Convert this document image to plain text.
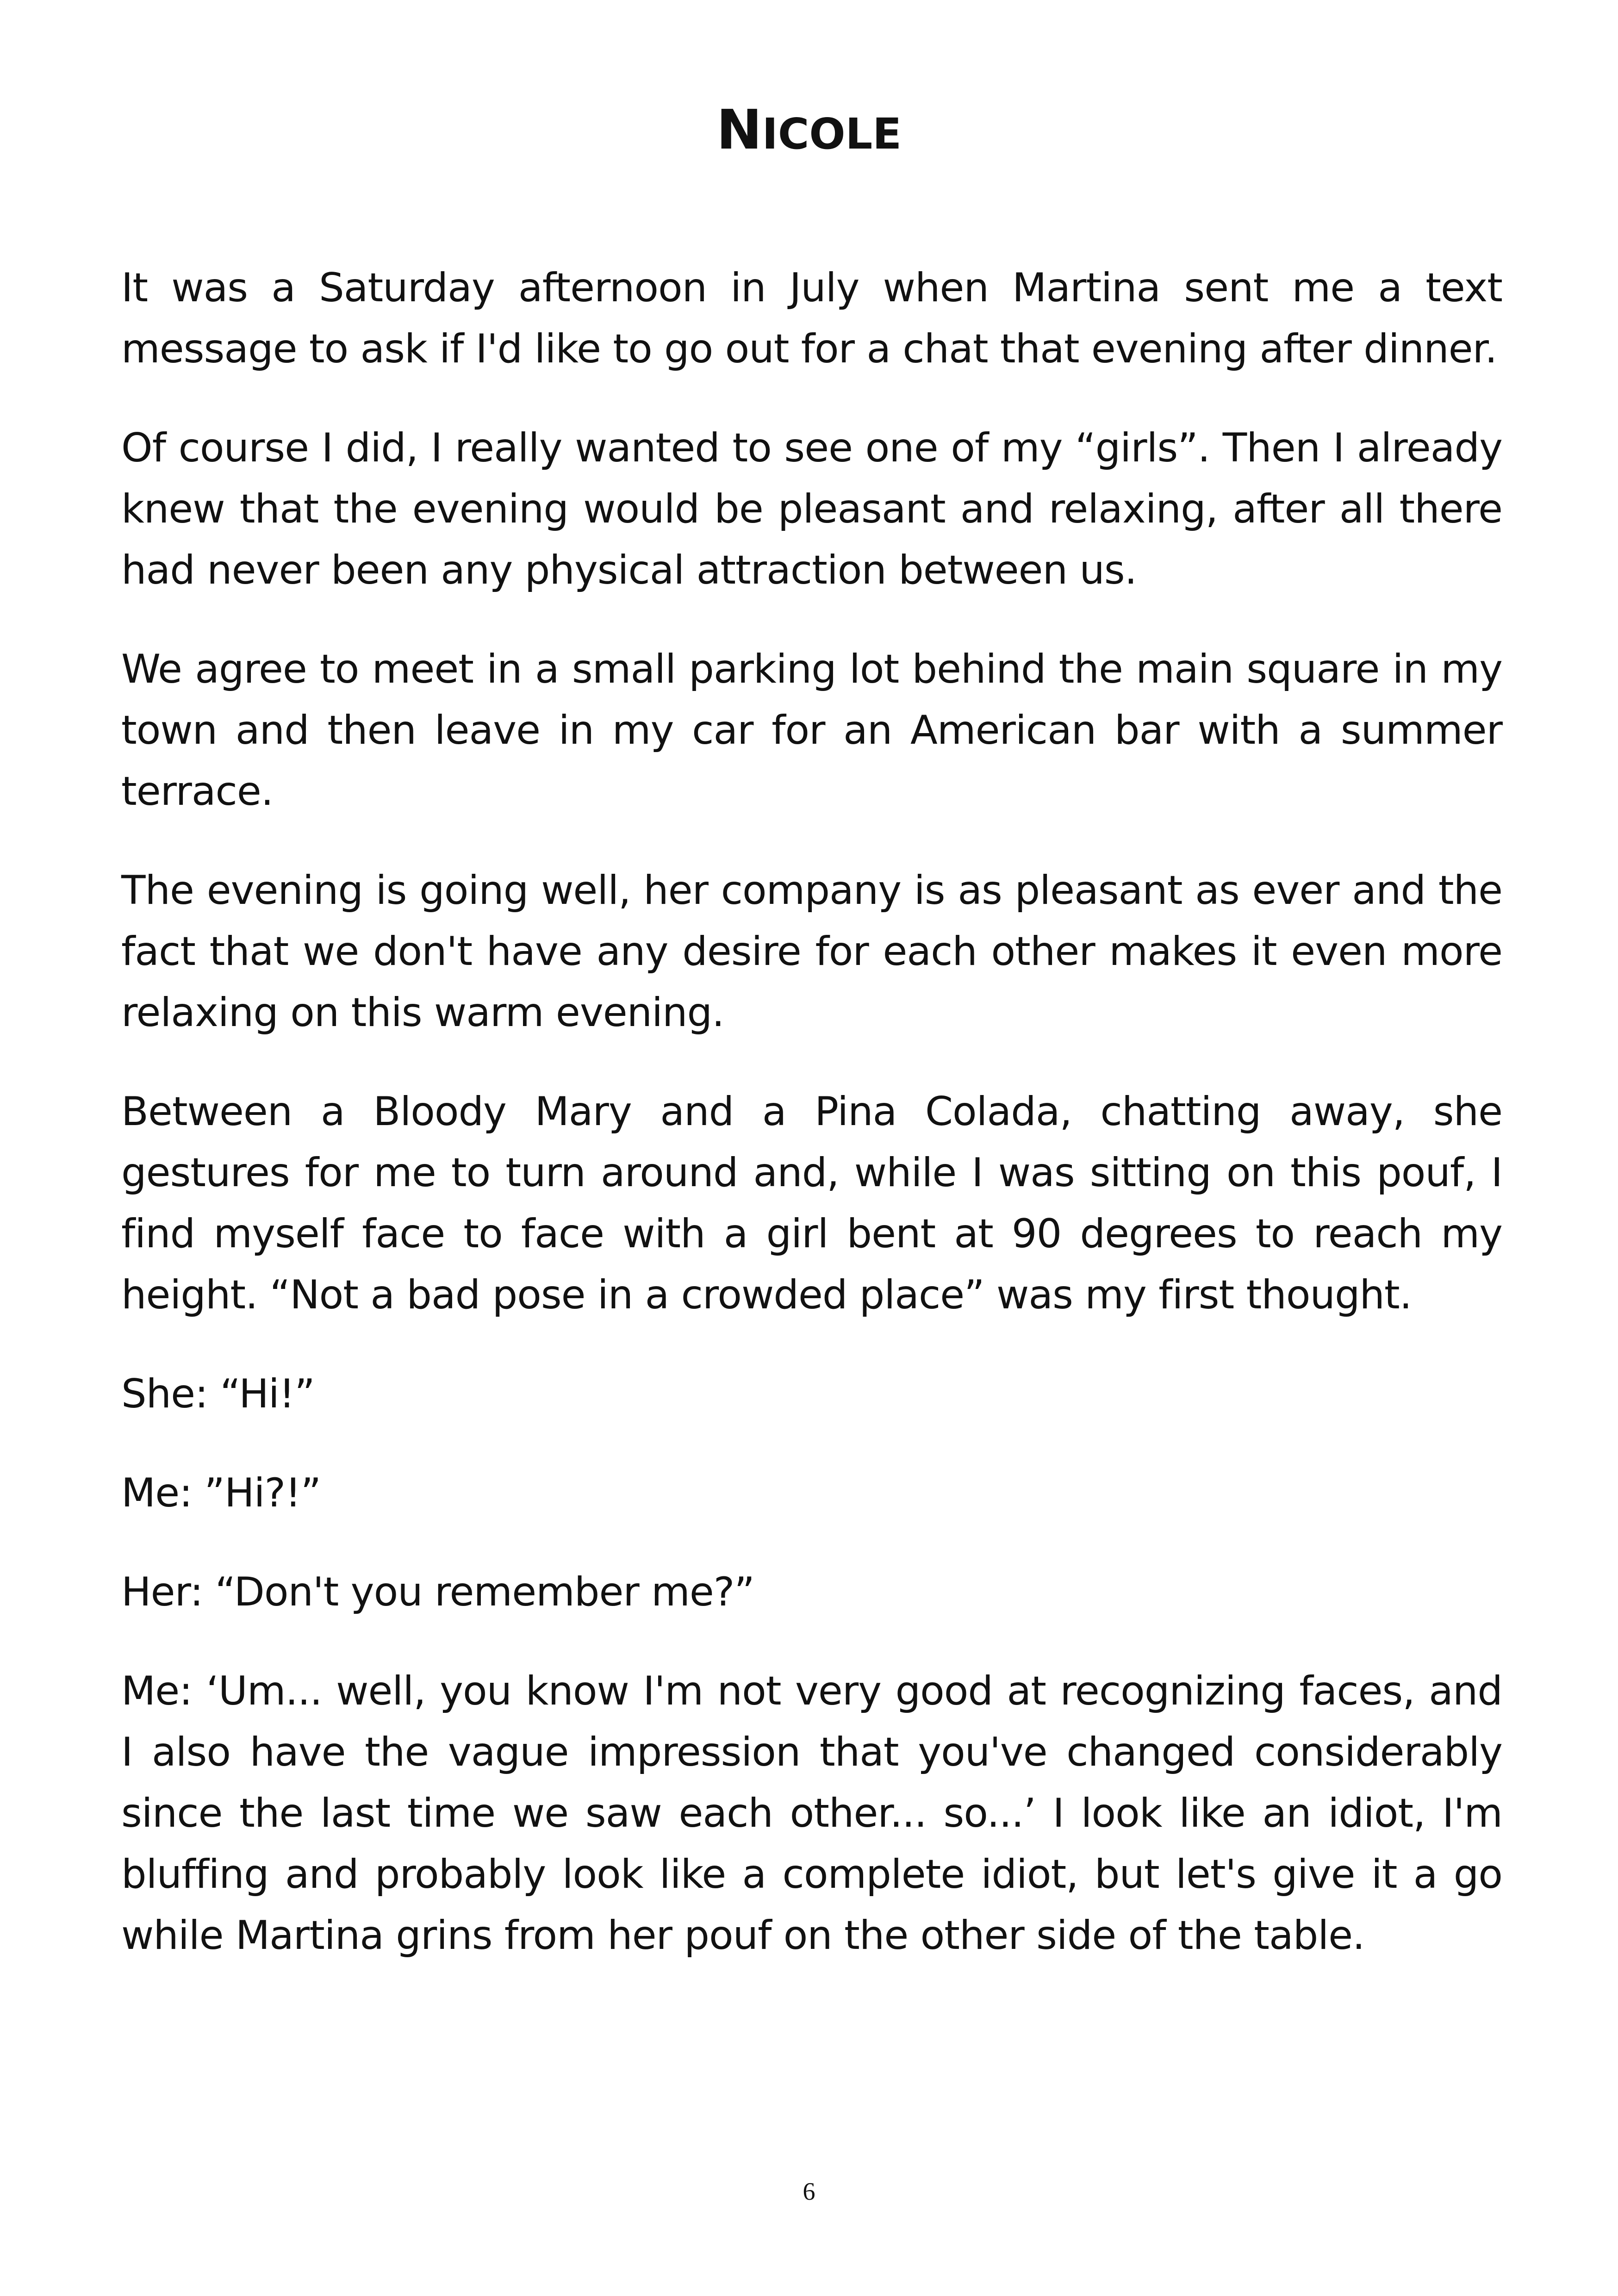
NICOLE

It was a Saturday afternoon in July when Martina sent me a text message to ask if I'd like to go out for a chat that evening after dinner.

Of course I did, I really wanted to see one of my “girls”. Then I already knew that the evening would be pleasant and relaxing, after all there had never been any physical attraction between us.

We agree to meet in a small parking lot behind the main square in my town and then leave in my car for an American bar with a summer terrace.

The evening is going well, her company is as pleasant as ever and the fact that we don't have any desire for each other makes it even more relaxing on this warm evening.

Between a Bloody Mary and a Pina Colada, chatting away, she gestures for me to turn around and, while I was sitting on this pouf, I find myself face to face with a girl bent at 90 degrees to reach my height. “Not a bad pose in a crowded place” was my first thought.

She: “Hi!”

Me: ”Hi?!”

Her: “Don't you remember me?”

Me: ‘Um... well, you know I'm not very good at recognizing faces, and I also have the vague impression that you've changed considerably since the last time we saw each other... so...’ I look like an idiot, I'm bluffing and probably look like a complete idiot, but let's give it a go while Martina grins from her pouf on the other side of the table.

6
